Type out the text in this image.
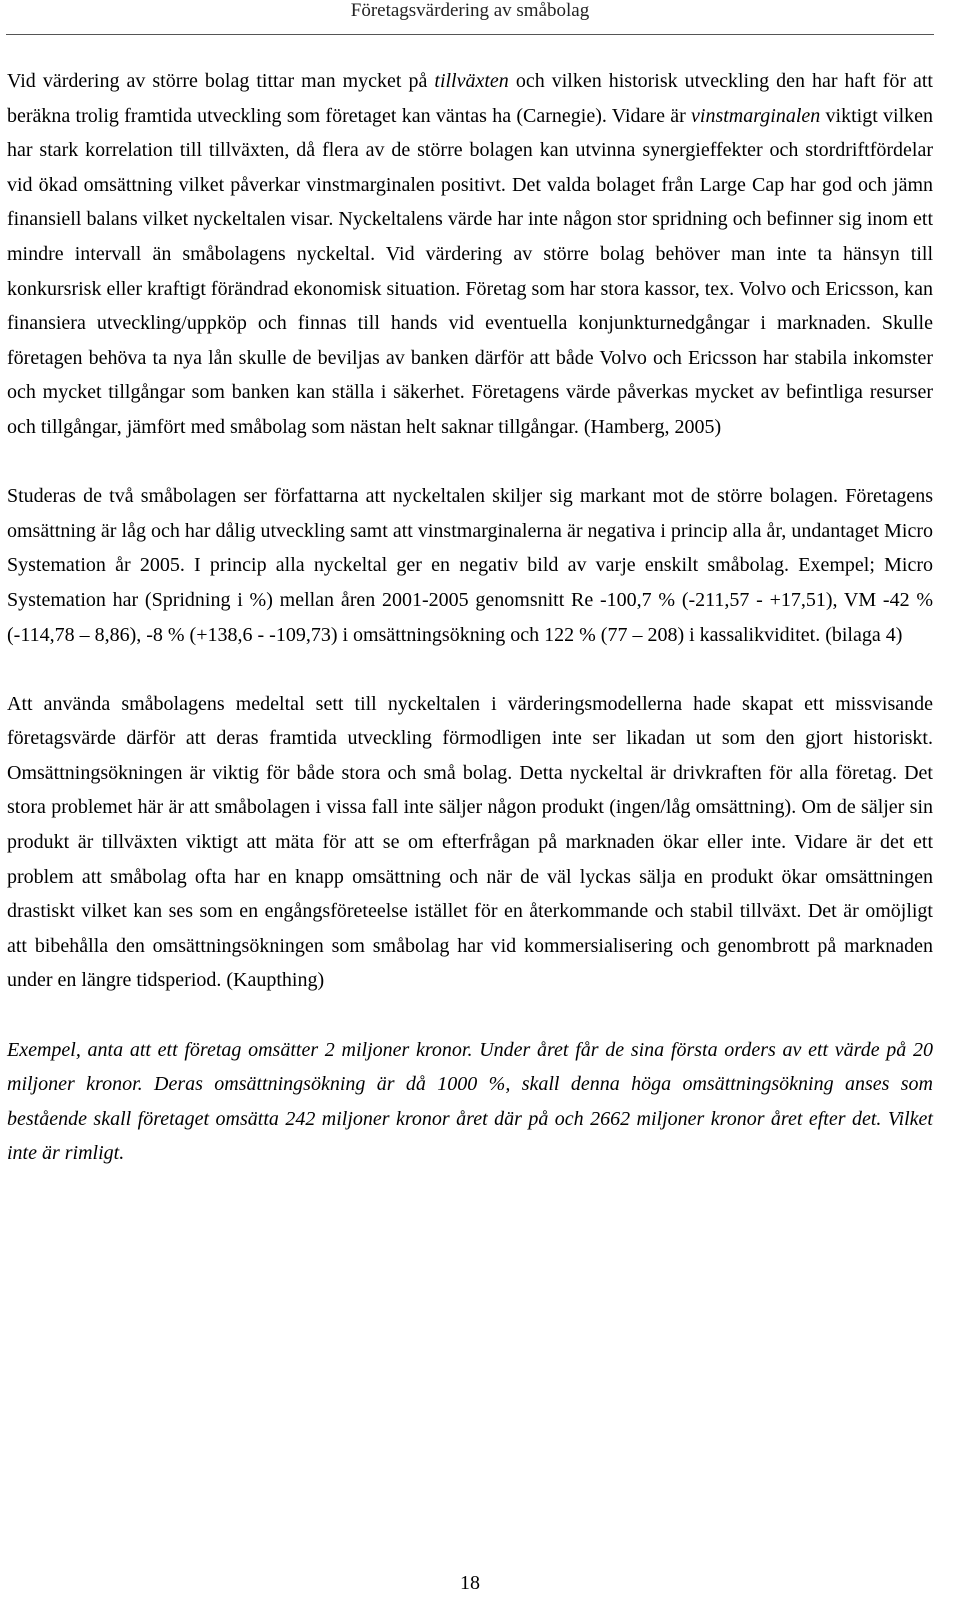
Företagsvärdering av småbolag

Vid värdering av större bolag tittar man mycket på tillväxten och vilken historisk utveckling den har haft för att beräkna trolig framtida utveckling som företaget kan väntas ha (Carnegie). Vidare är vinstmarginalen viktigt vilken har stark korrelation till tillväxten, då flera av de större bolagen kan utvinna synergieffekter och stordriftfördelar vid ökad omsättning vilket påverkar vinstmarginalen positivt. Det valda bolaget från Large Cap har god och jämn finansiell balans vilket nyckeltalen visar. Nyckeltalens värde har inte någon stor spridning och befinner sig inom ett mindre intervall än småbolagens nyckeltal. Vid värdering av större bolag behöver man inte ta hänsyn till konkursrisk eller kraftigt förändrad ekonomisk situation. Företag som har stora kassor, tex. Volvo och Ericsson, kan finansiera utveckling/uppköp och finnas till hands vid eventuella konjunkturnedgångar i marknaden. Skulle företagen behöva ta nya lån skulle de beviljas av banken därför att både Volvo och Ericsson har stabila inkomster och mycket tillgångar som banken kan ställa i säkerhet. Företagens värde påverkas mycket av befintliga resurser och tillgångar, jämfört med småbolag som nästan helt saknar tillgångar. (Hamberg, 2005)

Studeras de två småbolagen ser författarna att nyckeltalen skiljer sig markant mot de större bolagen. Företagens omsättning är låg och har dålig utveckling samt att vinstmarginalerna är negativa i princip alla år, undantaget Micro Systemation år 2005. I princip alla nyckeltal ger en negativ bild av varje enskilt småbolag. Exempel; Micro Systemation har (Spridning i %) mellan åren 2001-2005 genomsnitt Re -100,7 % (-211,57 - +17,51), VM -42 % (-114,78 – 8,86), -8 % (+138,6 - -109,73) i omsättningsökning och 122 % (77 – 208) i kassalikviditet. (bilaga 4)

Att använda småbolagens medeltal sett till nyckeltalen i värderingsmodellerna hade skapat ett missvisande företagsvärde därför att deras framtida utveckling förmodligen inte ser likadan ut som den gjort historiskt. Omsättningsökningen är viktig för både stora och små bolag. Detta nyckeltal är drivkraften för alla företag. Det stora problemet här är att småbolagen i vissa fall inte säljer någon produkt (ingen/låg omsättning). Om de säljer sin produkt är tillväxten viktigt att mäta för att se om efterfrågan på marknaden ökar eller inte. Vidare är det ett problem att småbolag ofta har en knapp omsättning och när de väl lyckas sälja en produkt ökar omsättningen drastiskt vilket kan ses som en engångsföreteelse istället för en återkommande och stabil tillväxt. Det är omöjligt att bibehålla den omsättningsökningen som småbolag har vid kommersialisering och genombrott på marknaden under en längre tidsperiod. (Kaupthing)

Exempel, anta att ett företag omsätter 2 miljoner kronor. Under året får de sina första orders av ett värde på 20 miljoner kronor. Deras omsättningsökning är då 1000 %, skall denna höga omsättningsökning anses som bestående skall företaget omsätta 242 miljoner kronor året där på och 2662 miljoner kronor året efter det. Vilket inte är rimligt.

18
